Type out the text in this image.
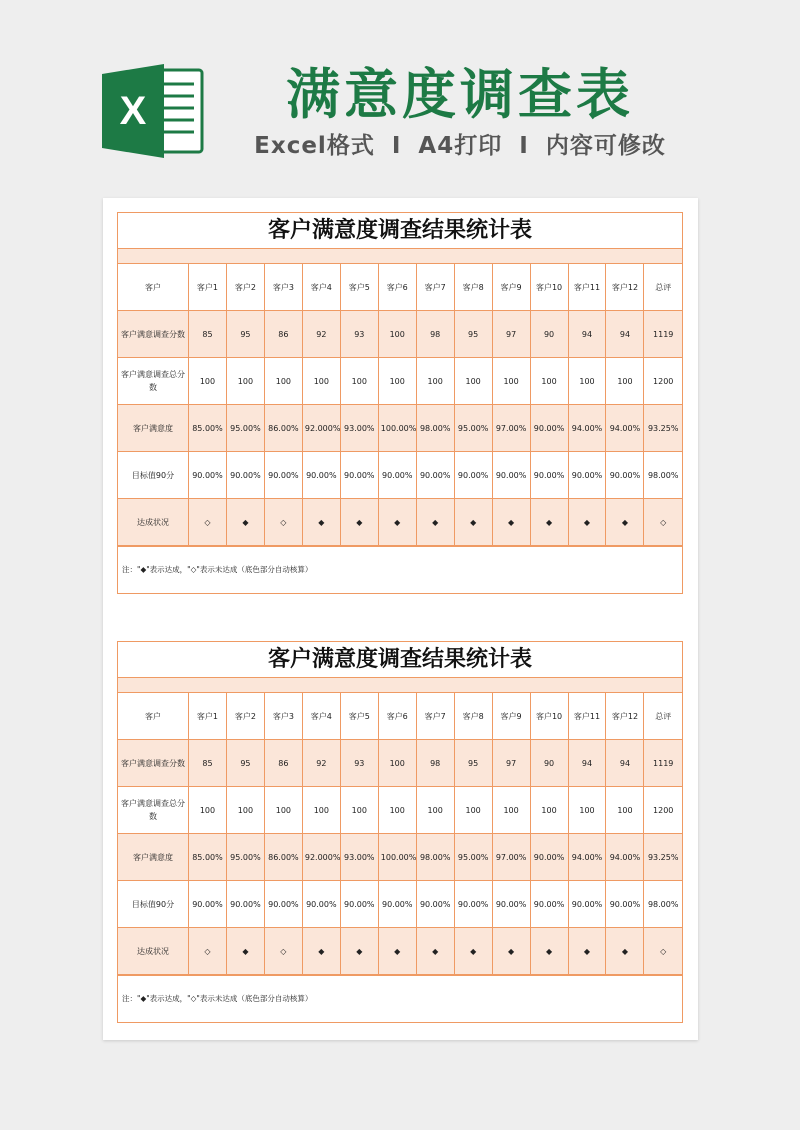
X	满意度调查表
Excel格式 I A4打印 I 内容可修改
客户满意度调查结果统计表
客户	客户1	客户2	客户3	客户4	客户5	客户6	客户7	客户8	客户9	客户10	客户11	客户12	总评
客户满意调查分数	85	95	86	92	93	100	98	95	97	90	94	94	1119
客户满意调查总分数	100	100	100	100	100	100	100	100	100	100	100	100	1200
客户满意度	85.00%	95.00%	86.00%	92.000%	93.00%	100.00%	98.00%	95.00%	97.00%	90.00%	94.00%	94.00%	93.25%
目标值90分	90.00%	90.00%	90.00%	90.00%	90.00%	90.00%	90.00%	90.00%	90.00%	90.00%	90.00%	90.00%	98.00%
达成状况	◇	◆	◇	◆	◆	◆	◆	◆	◆	◆	◆	◆	◇
注："◆"表示达成，"◇"表示未达成（底色部分自动核算）
客户满意度调查结果统计表
客户	客户1	客户2	客户3	客户4	客户5	客户6	客户7	客户8	客户9	客户10	客户11	客户12	总评
客户满意调查分数	85	95	86	92	93	100	98	95	97	90	94	94	1119
客户满意调查总分数	100	100	100	100	100	100	100	100	100	100	100	100	1200
客户满意度	85.00%	95.00%	86.00%	92.000%	93.00%	100.00%	98.00%	95.00%	97.00%	90.00%	94.00%	94.00%	93.25%
目标值90分	90.00%	90.00%	90.00%	90.00%	90.00%	90.00%	90.00%	90.00%	90.00%	90.00%	90.00%	90.00%	98.00%
达成状况	◇	◆	◇	◆	◆	◆	◆	◆	◆	◆	◆	◆	◇
注："◆"表示达成，"◇"表示未达成（底色部分自动核算）
